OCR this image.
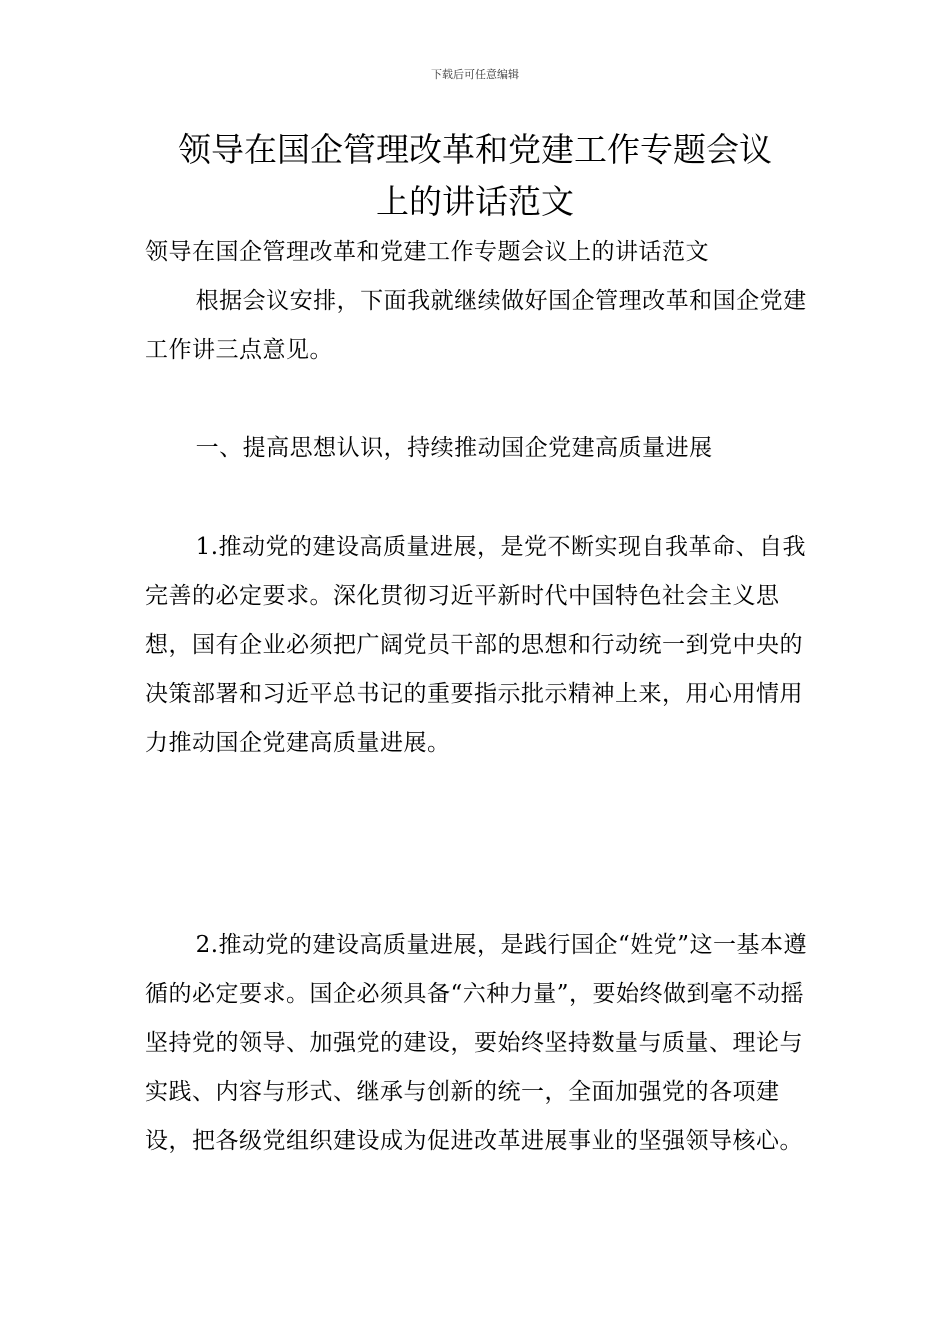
下载后可任意编辑
领导在国企管理改革和党建工作专题会议
上的讲话范文

领导在国企管理改革和党建工作专题会议上的讲话范文

根据会议安排，下面我就继续做好国企管理改革和国企党建工作讲三点意见。

一、提高思想认识，持续推动国企党建高质量进展

1.推动党的建设高质量进展，是党不断实现自我革命、自我完善的必定要求。深化贯彻习近平新时代中国特色社会主义思想，国有企业必须把广阔党员干部的思想和行动统一到党中央的决策部署和习近平总书记的重要指示批示精神上来，用心用情用力推动国企党建高质量进展。

2.推动党的建设高质量进展，是践行国企“姓党”这一基本遵循的必定要求。国企必须具备“六种力量”，要始终做到毫不动摇坚持党的领导、加强党的建设，要始终坚持数量与质量、理论与实践、内容与形式、继承与创新的统一，全面加强党的各项建设，把各级党组织建设成为促进改革进展事业的坚强领导核心。
